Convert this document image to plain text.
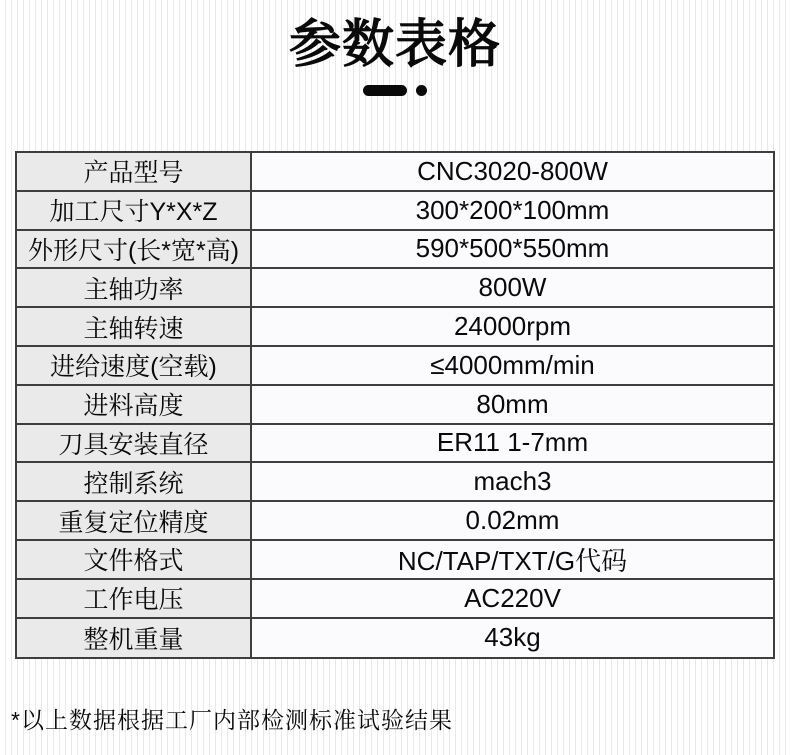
参数表格
产品型号	CNC3020-800W
加工尺寸Y*X*Z	300*200*100mm
外形尺寸(长*宽*高)	590*500*550mm
主轴功率	800W
主轴转速	24000rpm
进给速度(空载)	≤4000mm/min
进料高度	80mm
刀具安装直径	ER11 1-7mm
控制系统	mach3
重复定位精度	0.02mm
文件格式	NC/TAP/TXT/G代码
工作电压	AC220V
整机重量	43kg

*以上数据根据工厂内部检测标准试验结果
